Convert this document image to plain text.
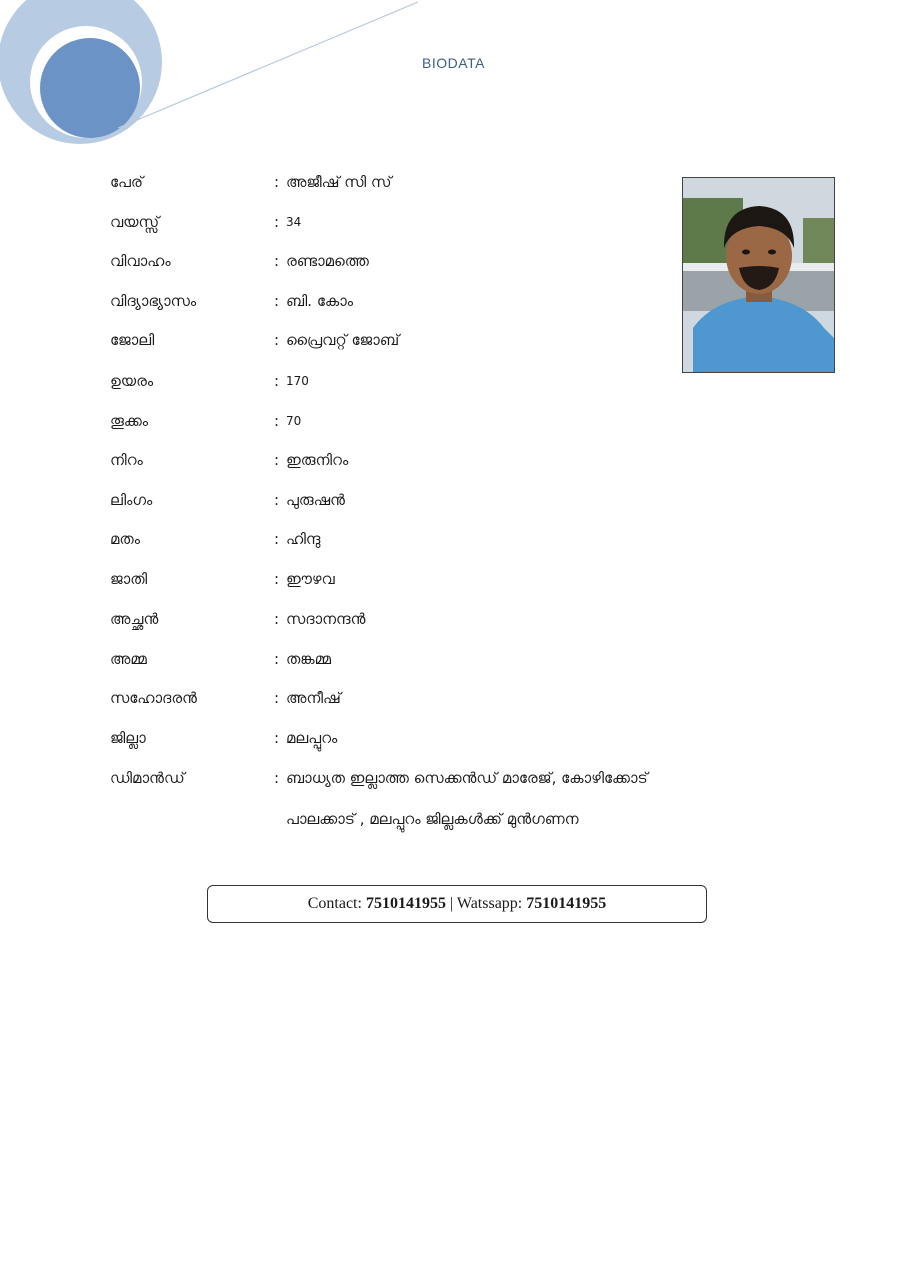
BIODATA
പേര്	: അജീഷ് സി സ്
വയസ്സ്	: 34
വിവാഹം	: രണ്ടാമത്തെ
വിദ്യാഭ്യാസം	: ബി. കോം
ജോലി	: പ്രൈവറ്റ് ജോബ്
ഉയരം	: 170
തൂക്കം	: 70
നിറം	: ഇരുനിറം
ലിംഗം	: പുരുഷൻ
മതം	: ഹിന്ദു
ജാതി	: ഈഴവ
അച്ഛൻ	: സദാനന്ദൻ
അമ്മ	: തങ്കമ്മ
സഹോദരൻ	: അനീഷ്
ജില്ലാ	: മലപ്പുറം
ഡിമാൻഡ്	: ബാധ്യത ഇല്ലാത്ത സെക്കൻഡ് മാരേജ്, കോഴിക്കോട്
പാലക്കാട് , മലപ്പുറം ജില്ലകൾക്ക് മുൻഗണന
Contact: 7510141955 | Watssapp: 7510141955
